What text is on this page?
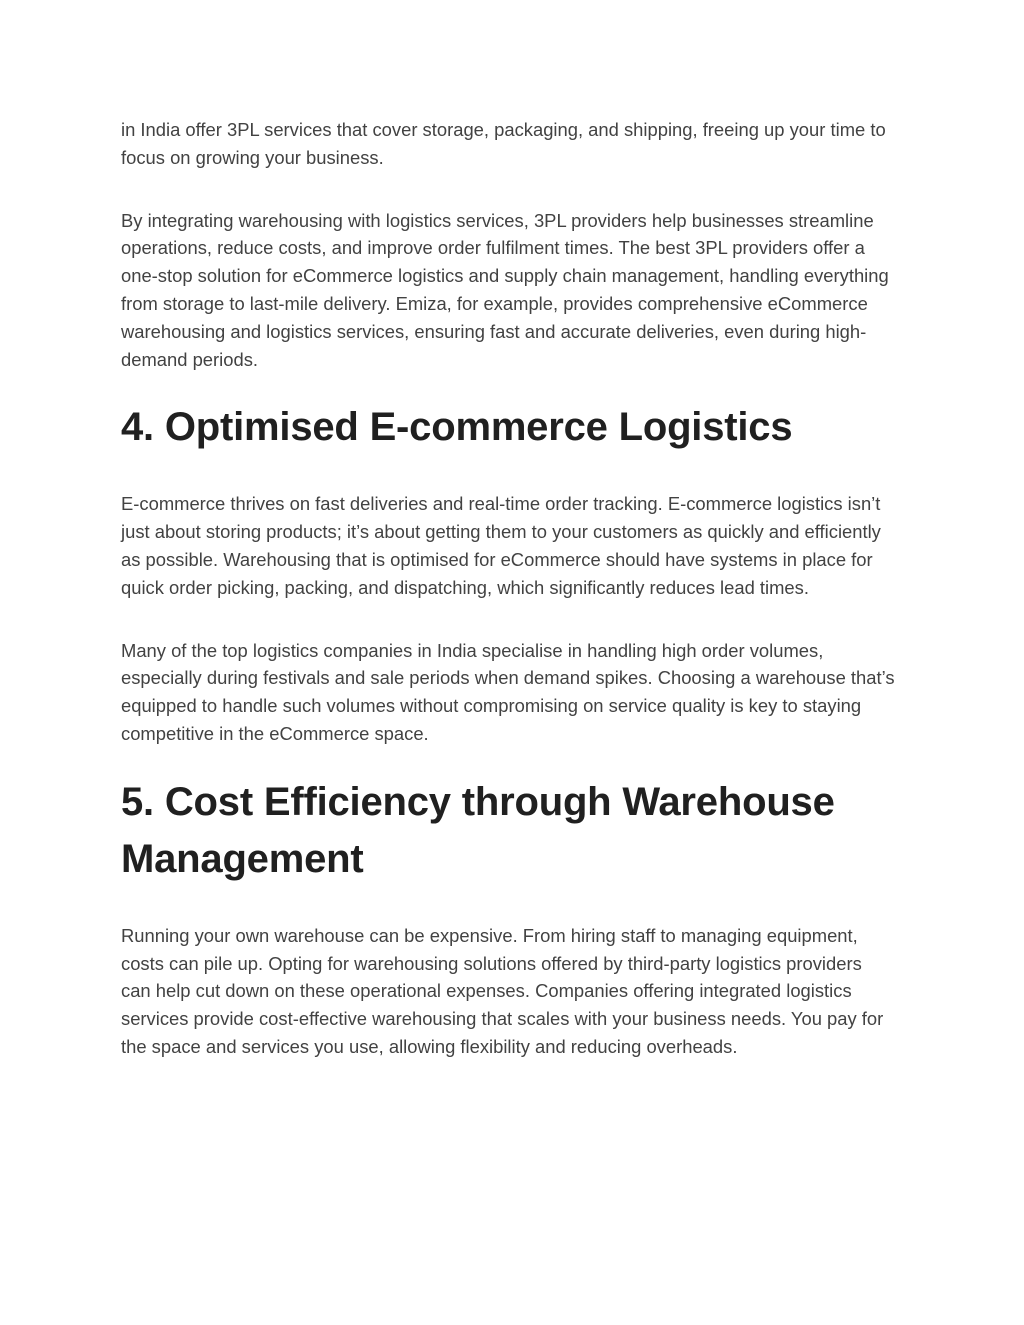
in India offer 3PL services that cover storage, packaging, and shipping, freeing up your time to focus on growing your business.

By integrating warehousing with logistics services, 3PL providers help businesses streamline operations, reduce costs, and improve order fulfilment times. The best 3PL providers offer a one-stop solution for eCommerce logistics and supply chain management, handling everything from storage to last-mile delivery. Emiza, for example, provides comprehensive eCommerce warehousing and logistics services, ensuring fast and accurate deliveries, even during high-demand periods.

4. Optimised E-commerce Logistics

E-commerce thrives on fast deliveries and real-time order tracking. E-commerce logistics isn’t just about storing products; it’s about getting them to your customers as quickly and efficiently as possible. Warehousing that is optimised for eCommerce should have systems in place for quick order picking, packing, and dispatching, which significantly reduces lead times.

Many of the top logistics companies in India specialise in handling high order volumes, especially during festivals and sale periods when demand spikes. Choosing a warehouse that’s equipped to handle such volumes without compromising on service quality is key to staying competitive in the eCommerce space.

5. Cost Efficiency through Warehouse Management

Running your own warehouse can be expensive. From hiring staff to managing equipment, costs can pile up. Opting for warehousing solutions offered by third-party logistics providers can help cut down on these operational expenses. Companies offering integrated logistics services provide cost-effective warehousing that scales with your business needs. You pay for the space and services you use, allowing flexibility and reducing overheads.
